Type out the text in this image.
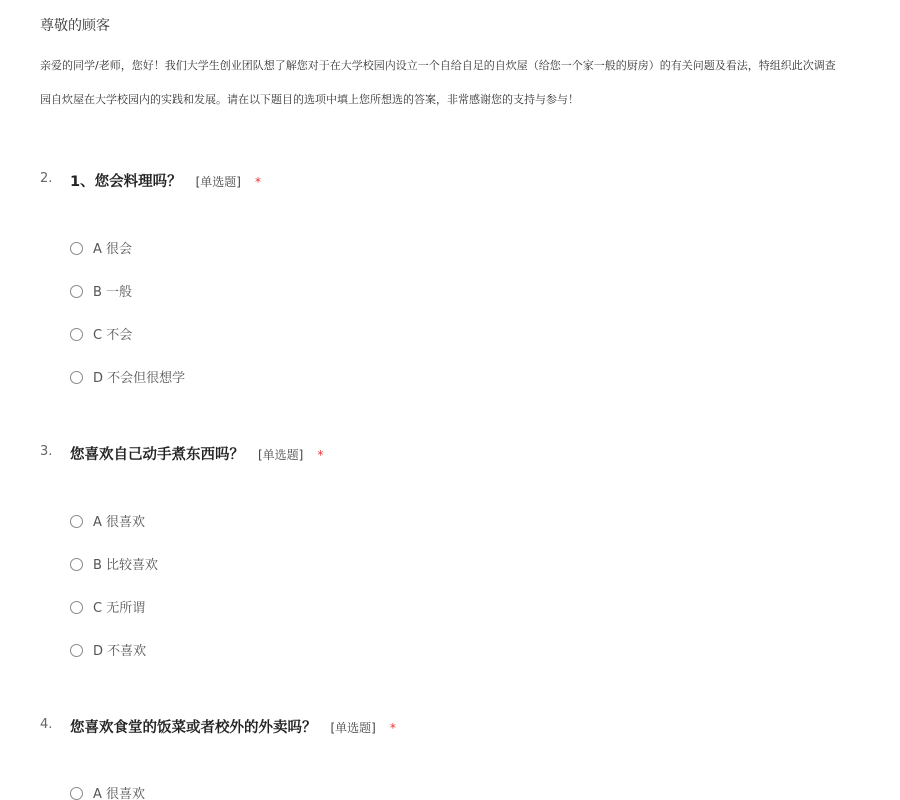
尊敬的顾客
亲爱的同学/老师，您好！我们大学生创业团队想了解您对于在大学校园内设立一个自给自足的自炊屋（给您一个家一般的厨房）的有关问题及看法，特组织此次调查
园自炊屋在大学校园内的实践和发展。请在以下题目的选项中填上您所想选的答案，非常感谢您的支持与参与！
2. 1、您会料理吗？ [单选题] *
A 很会
B 一般
C 不会
D 不会但很想学
3. 您喜欢自己动手煮东西吗？ [单选题] *
A 很喜欢
B 比较喜欢
C 无所谓
D 不喜欢
4. 您喜欢食堂的饭菜或者校外的外卖吗？ [单选题] *
A 很喜欢
